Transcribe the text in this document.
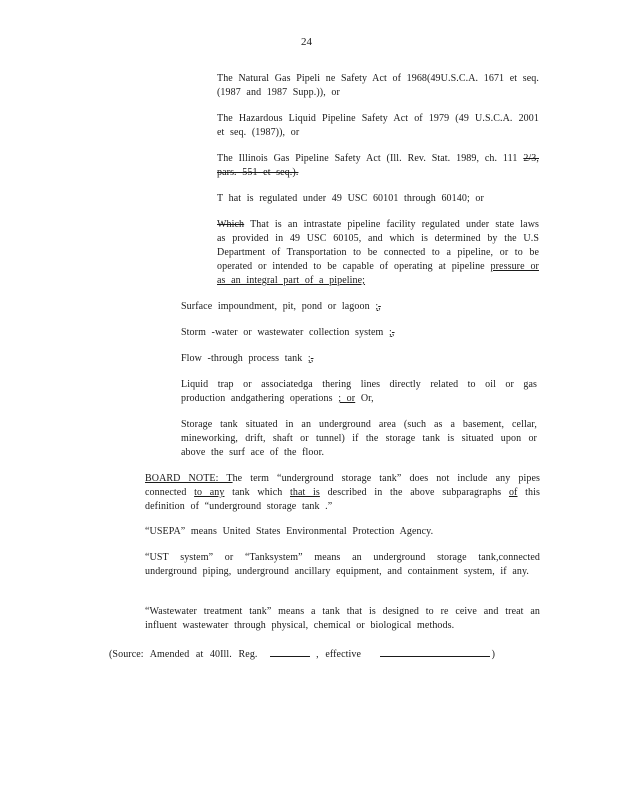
24
The Natural Gas Pipeli ne Safety Act of 1968(49U.S.C.A. 1671 et seq. (1987 and 1987 Supp.)), or
The Hazardous Liquid Pipeline Safety Act of 1979 (49 U.S.C.A. 2001 et seq. (1987)), or
The Illinois Gas Pipeline Safety Act (Ill. Rev. Stat. 1989, ch. 111 2/3, pars. 551 et seq.).
T hat is regulated under 49 USC 60101 through 60140; or
Which That is an intrastate pipeline facility regulated under state laws as provided in 49 USC 60105, and which is determined by the U.S Department of Transportation to be connected to a pipeline, or to be operated or intended to be capable of operating at pipeline pressure or as an integral part of a pipeline;
Surface impoundment, pit, pond or lagoon ;,
Storm -water or wastewater collection system ;,
Flow -through process tank ;,
Liquid trap or associatedga thering lines directly related to oil or gas production andgathering operations ; or Or,
Storage tank situated in an underground area (such as a basement, cellar, mineworking, drift, shaft or tunnel) if the storage tank is situated upon or above the surf ace of the floor.
BOARD NOTE: The term “underground storage tank” does not include any pipes connected to any tank which that is described in the above subparagraphs of this definition of “underground storage tank .”
“USEPA” means United States Environmental Protection Agency.
“UST system” or “Tanksystem” means an underground storage tank,connected underground piping, underground ancillary equipment, and containment system, if any.
“Wastewater treatment tank” means a tank that is designed to re ceive and treat an influent wastewater through physical, chemical or biological methods.
(Source: Amended at 40Ill. Reg.	, effective	)
